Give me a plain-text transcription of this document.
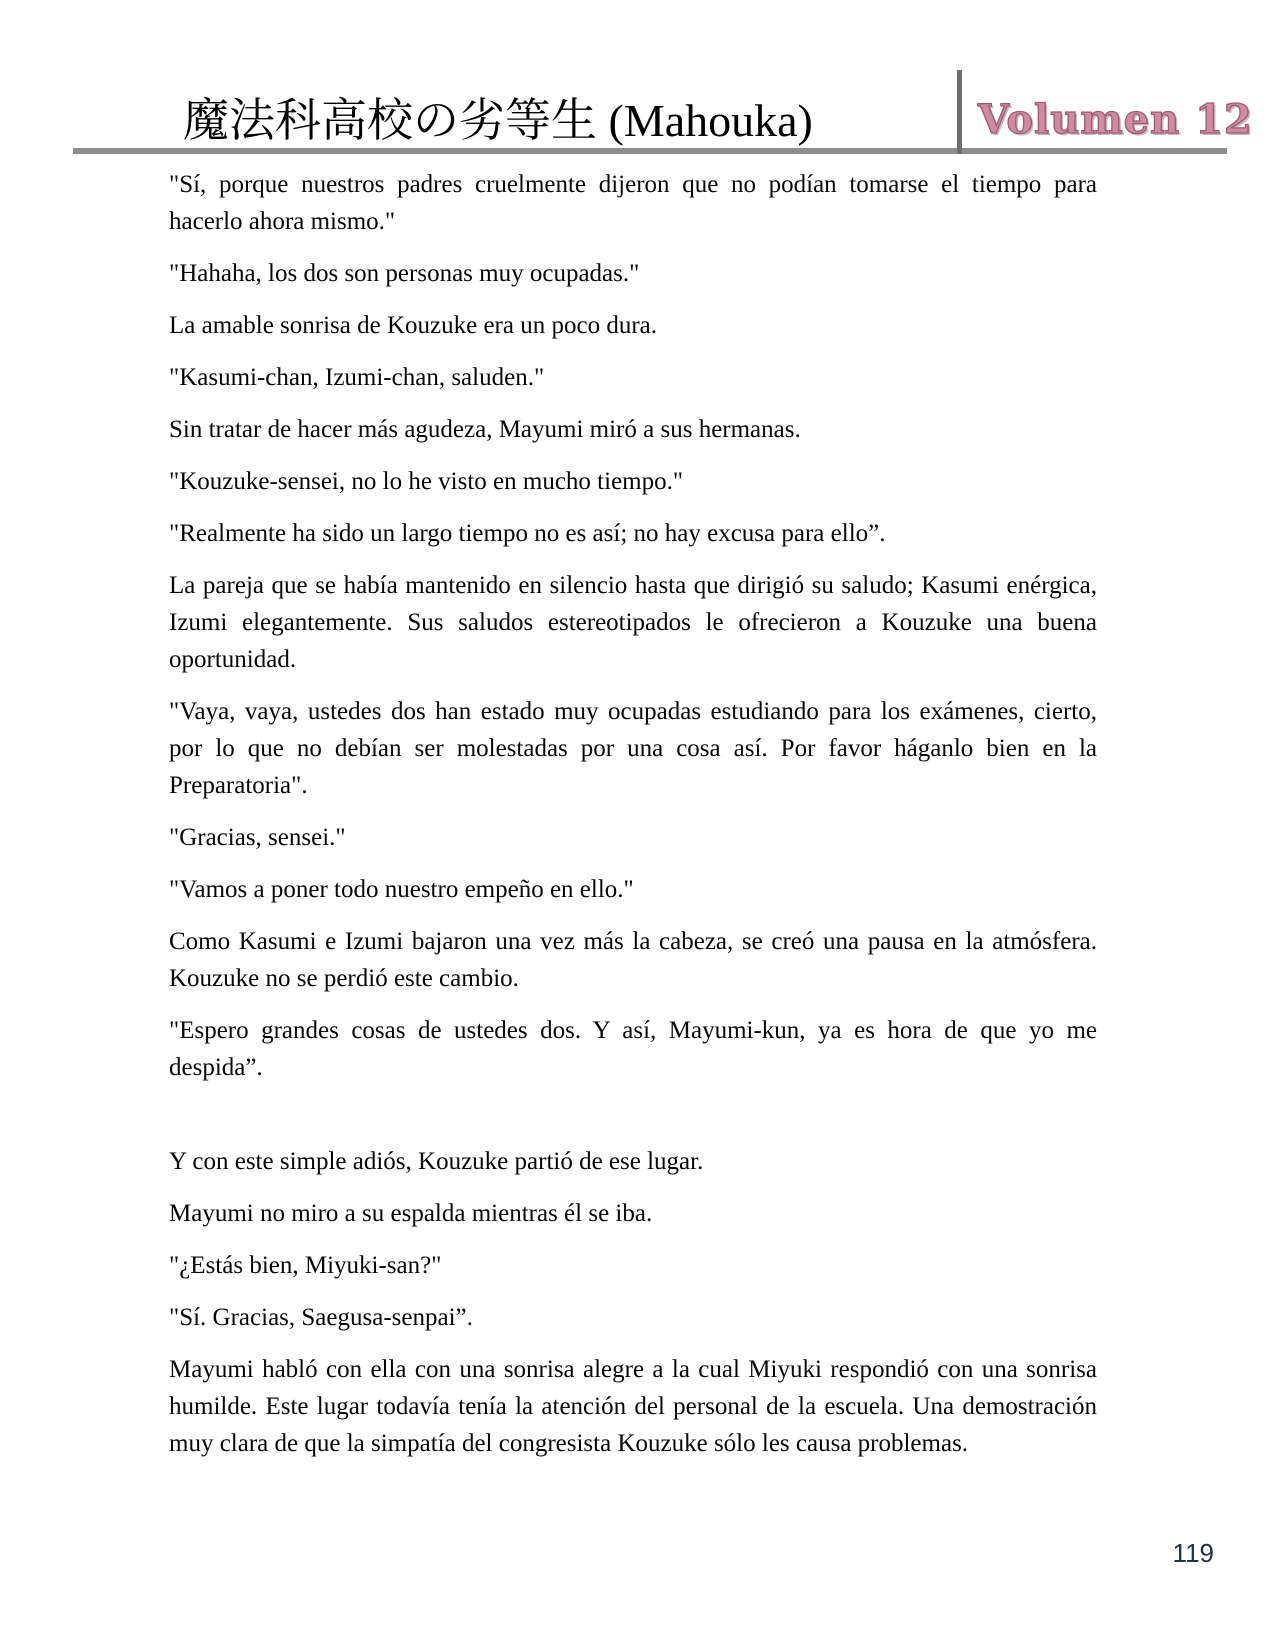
魔法科高校の劣等生 (Mahouka)	Volumen 12

"Sí, porque nuestros padres cruelmente dijeron que no podían tomarse el tiempo para hacerlo ahora mismo."

"Hahaha, los dos son personas muy ocupadas."

La amable sonrisa de Kouzuke era un poco dura.

"Kasumi-chan, Izumi-chan, saluden."

Sin tratar de hacer más agudeza, Mayumi miró a sus hermanas.

"Kouzuke-sensei, no lo he visto en mucho tiempo."

"Realmente ha sido un largo tiempo no es así; no hay excusa para ello”.

La pareja que se había mantenido en silencio hasta que dirigió su saludo; Kasumi enérgica, Izumi elegantemente. Sus saludos estereotipados le ofrecieron a Kouzuke una buena oportunidad.

"Vaya, vaya, ustedes dos han estado muy ocupadas estudiando para los exámenes, cierto, por lo que no debían ser molestadas por una cosa así. Por favor háganlo bien en la Preparatoria".

"Gracias, sensei."

"Vamos a poner todo nuestro empeño en ello."

Como Kasumi e Izumi bajaron una vez más la cabeza, se creó una pausa en la atmósfera. Kouzuke no se perdió este cambio.

"Espero grandes cosas de ustedes dos. Y así, Mayumi-kun, ya es hora de que yo me despida”.

Y con este simple adiós, Kouzuke partió de ese lugar.

Mayumi no miro a su espalda mientras él se iba.

"¿Estás bien, Miyuki-san?"

"Sí. Gracias, Saegusa-senpai”.

Mayumi habló con ella con una sonrisa alegre a la cual Miyuki respondió con una sonrisa humilde. Este lugar todavía tenía la atención del personal de la escuela. Una demostración muy clara de que la simpatía del congresista Kouzuke sólo les causa problemas.

119
